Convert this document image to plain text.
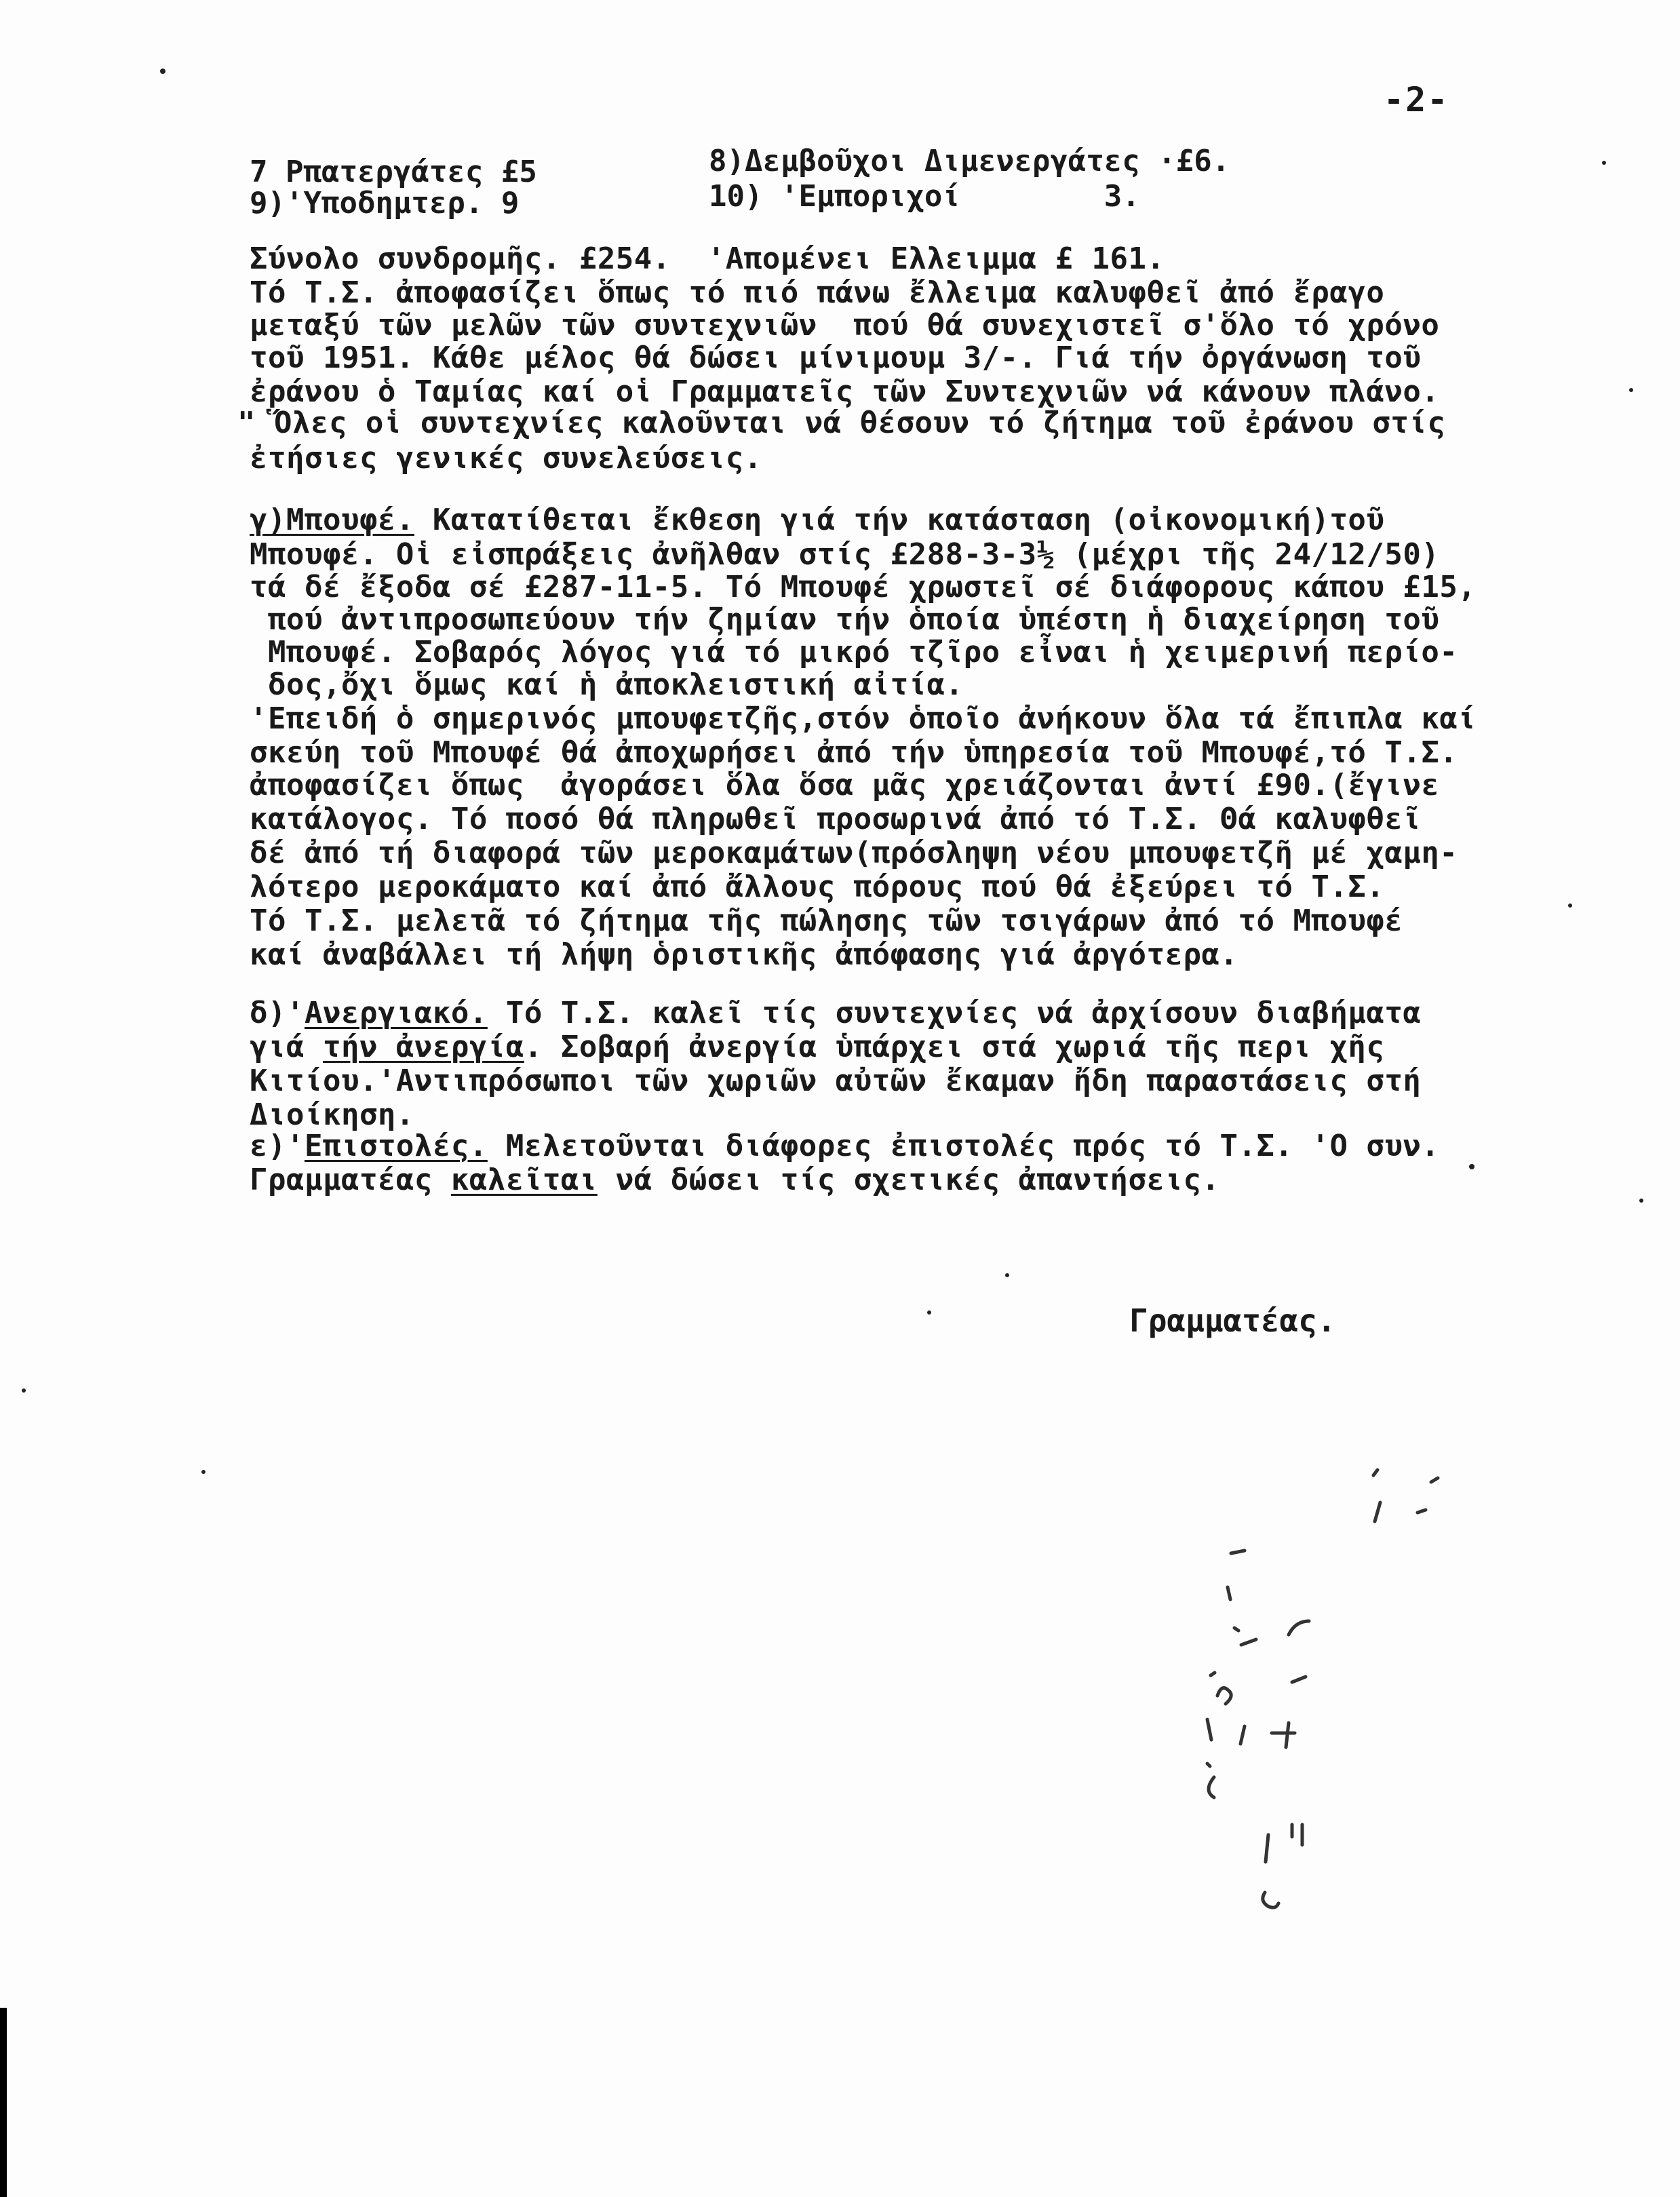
-2-
7 Ρπατεργάτες £5	8)Δεμβοῦχοι Διμενεργάτες ·£6.
9)'Υποδημτερ. 9	10) 'Εμποριχοί        3.
Σύνολο συνδρομῆς. £254.  'Απομένει Ελλειμμα £ 161.
Τό Τ.Σ. ἀποφασίζει ὅπως τό πιό πάνω ἔλλειμα καλυφθεῖ ἀπό ἔραγο
μεταξύ τῶν μελῶν τῶν συντεχνιῶν  πού θά συνεχιστεῖ σ'ὅλο τό χρόνο
τοῦ 1951. Κάθε μέλος θά δώσει μίνιμουμ 3/-. Γιά τήν ὀργάνωση τοῦ
ἐράνου ὁ Ταμίας καί οἱ Γραμματεῖς τῶν Συντεχνιῶν νά κάνουν πλάνο.
" Ὅλες οἱ συντεχνίες καλοῦνται νά θέσουν τό ζήτημα τοῦ ἐράνου στίς
ἐτήσιες γενικές συνελεύσεις.
γ)Μπουφέ. Κατατίθεται ἔκθεση γιά τήν κατάσταση (οἰκονομική)τοῦ
Μπουφέ. Οἱ εἰσπράξεις ἀνῆλθαν στίς £288-3-3½ (μέχρι τῆς 24/12/50)
τά δέ ἔξοδα σέ £287-11-5. Τό Μπουφέ χρωστεῖ σέ διάφορους κάπου £15,
πού ἀντιπροσωπεύουν τήν ζημίαν τήν ὁποία ὑπέστη ἡ διαχείρηση τοῦ
Μπουφέ. Σοβαρός λόγος γιά τό μικρό τζῖρο εἶναι ἡ χειμερινή περίο-
δος,ὄχι ὅμως καί ἡ ἀποκλειστική αἰτία.
'Επειδή ὁ σημερινός μπουφετζῆς,στόν ὁποῖο ἀνήκουν ὅλα τά ἔπιπλα καί
σκεύη τοῦ Μπουφέ θά ἀποχωρήσει ἀπό τήν ὑπηρεσία τοῦ Μπουφέ,τό Τ.Σ.
ἀποφασίζει ὅπως  ἀγοράσει ὅλα ὅσα μᾶς χρειάζονται ἀντί £90.(ἔγινε
κατάλογος. Τό ποσό θά πληρωθεῖ προσωρινά ἀπό τό Τ.Σ. Θά καλυφθεῖ
δέ ἀπό τή διαφορά τῶν μεροκαμάτων(πρόσληψη νέου μπουφετζῆ μέ χαμη-
λότερο μεροκάματο καί ἀπό ἄλλους πόρους πού θά ἐξεύρει τό Τ.Σ.
Τό Τ.Σ. μελετᾶ τό ζήτημα τῆς πώλησης τῶν τσιγάρων ἀπό τό Μπουφέ
καί ἀναβάλλει τή λήψη ὁριστικῆς ἀπόφασης γιά ἀργότερα.
δ)'Ανεργιακό. Τό Τ.Σ. καλεῖ τίς συντεχνίες νά ἀρχίσουν διαβήματα
γιά τήν ἀνεργία. Σοβαρή ἀνεργία ὑπάρχει στά χωριά τῆς περι χῆς
Κιτίου.'Αντιπρόσωποι τῶν χωριῶν αὐτῶν ἔκαμαν ἤδη παραστάσεις στή
Διοίκηση.
ε)'Επιστολές. Μελετοῦνται διάφορες ἐπιστολές πρός τό Τ.Σ. 'Ο συν.
Γραμματέας καλεῖται νά δώσει τίς σχετικές ἀπαντήσεις.
Γραμματέας.
